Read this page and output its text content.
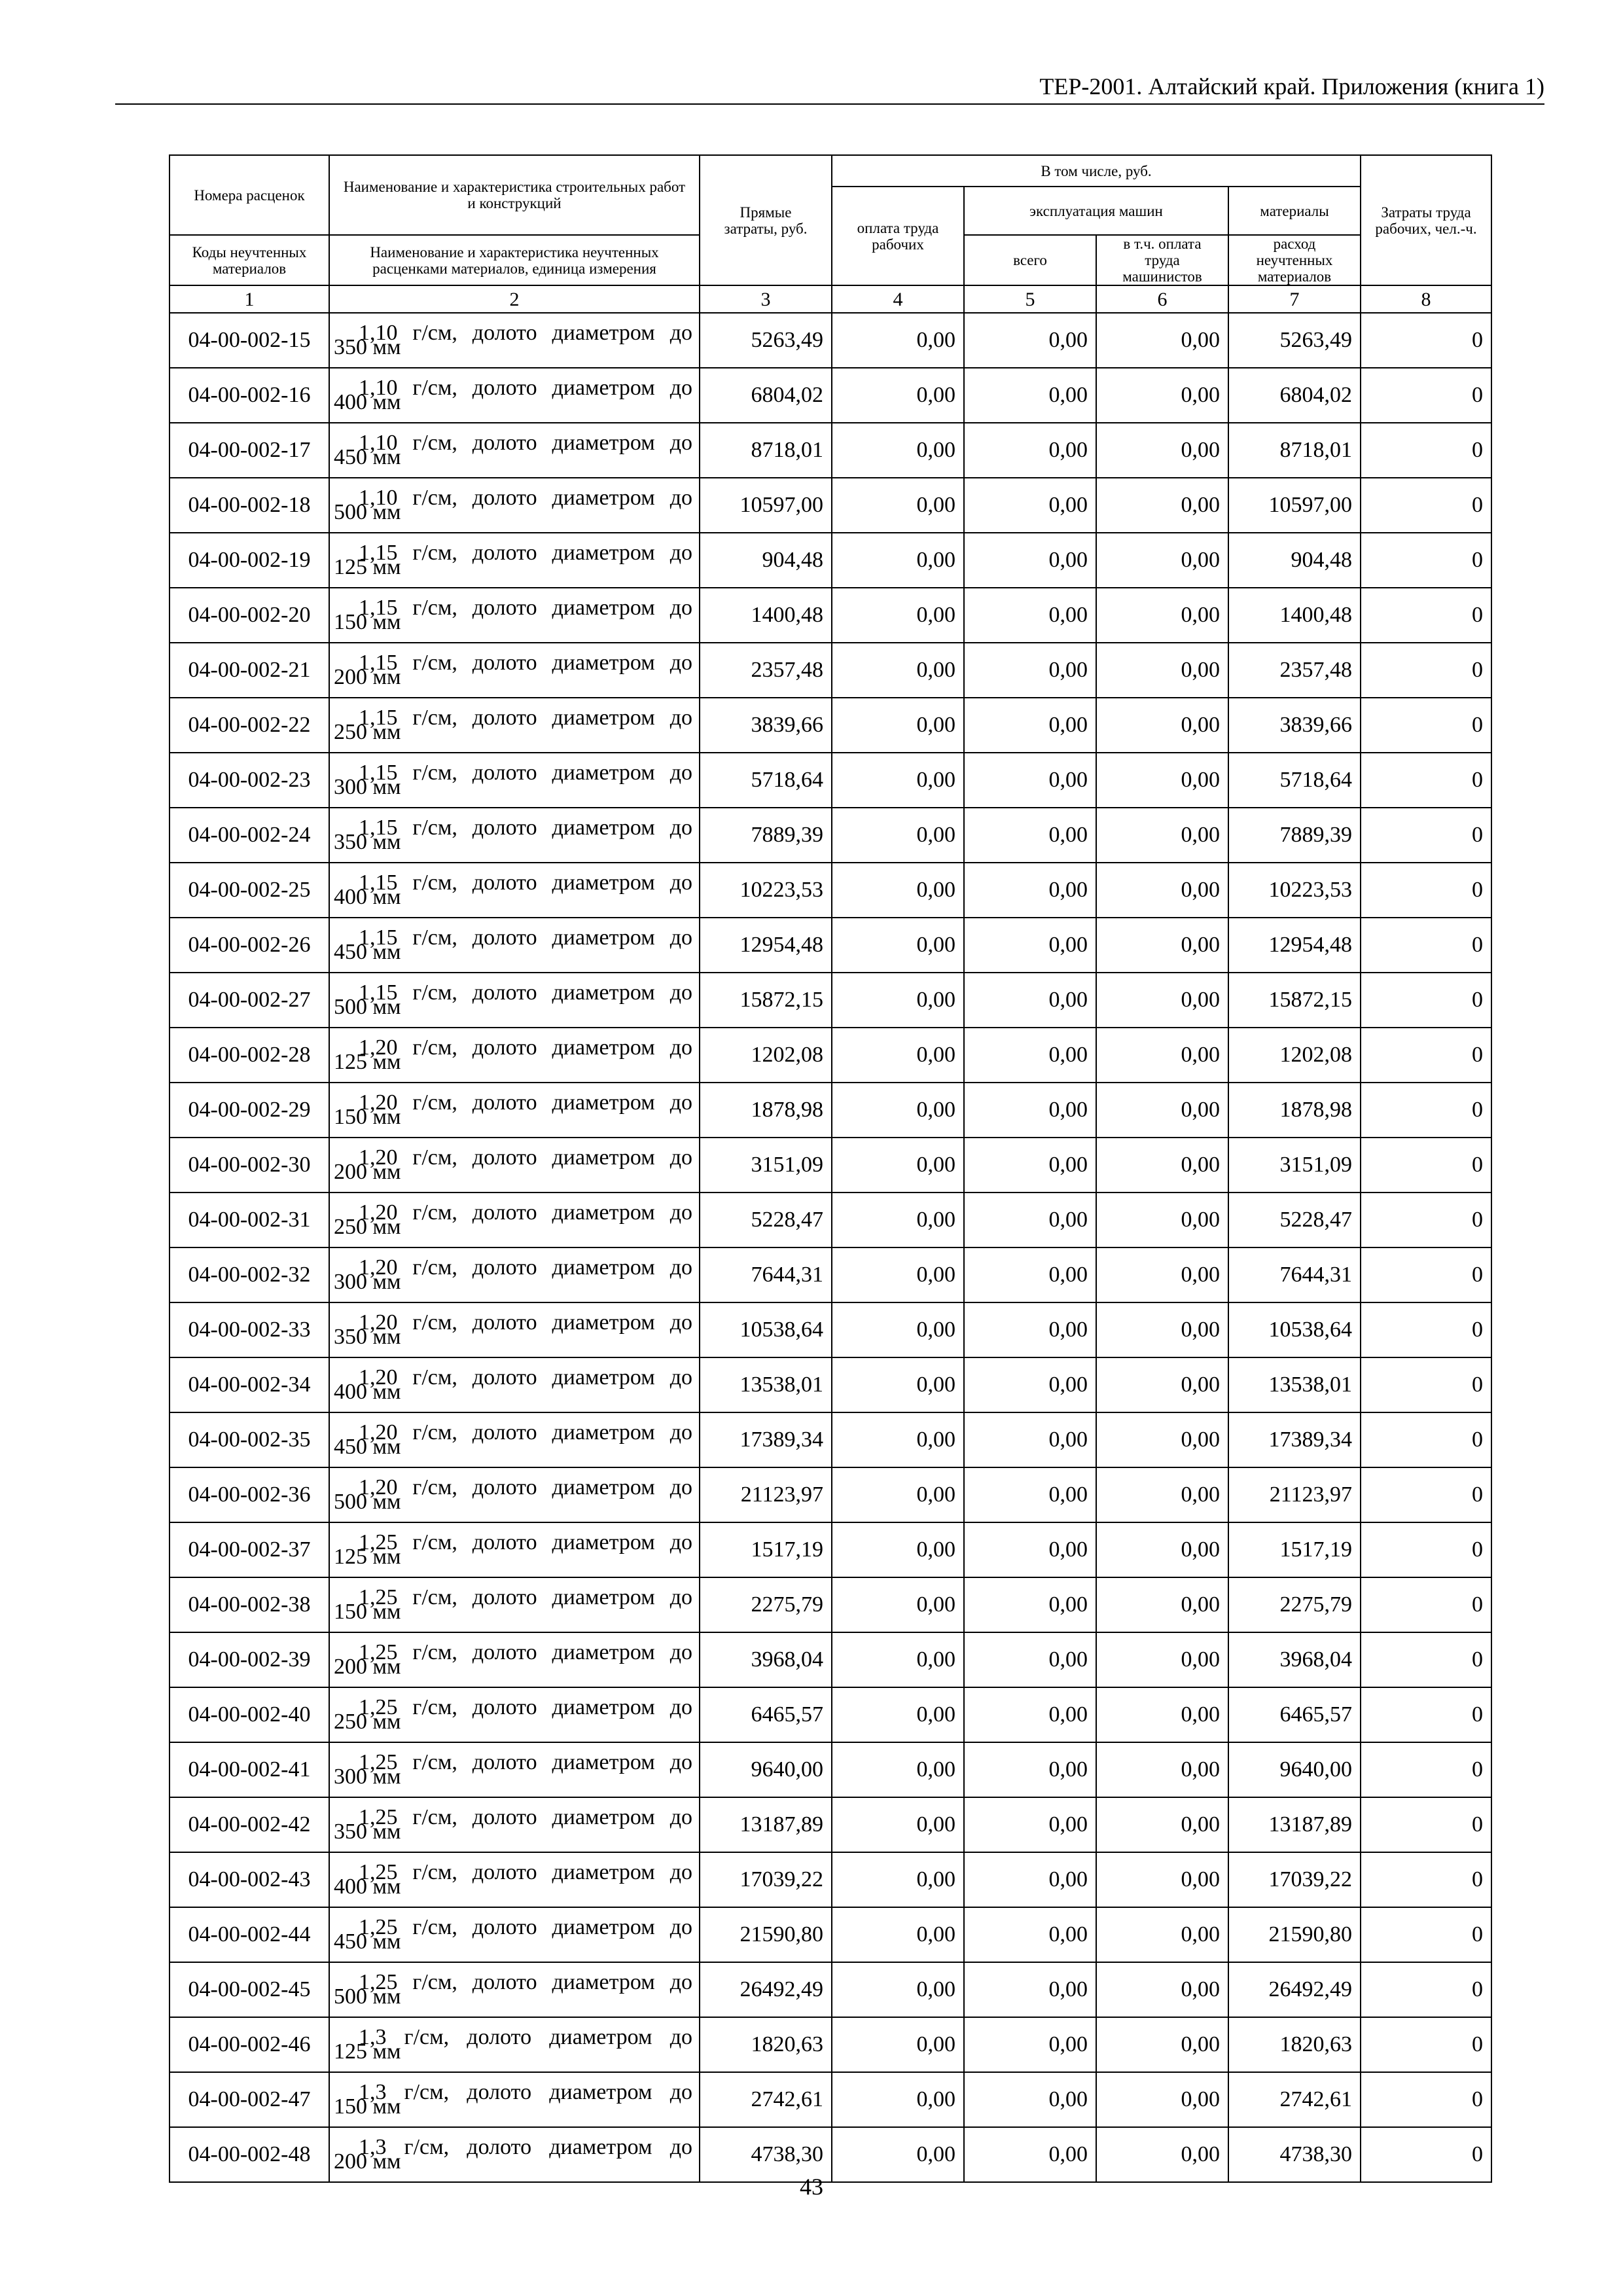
ТЕР-2001. Алтайский край. Приложения (книга 1)
Номера расценок	Наименование и характеристика строительных работ и конструкций	Прямые затраты, руб.	В том числе, руб.				Затраты труда рабочих, чел.-ч.
			оплата труда рабочих	эксплуатация машин		материалы	
Коды неучтенных материалов	Наименование и характеристика неучтенных расценками материалов, единица измерения			всего	в т.ч. оплата труда машинистов	расход неучтенных материалов	
1	2	3	4	5	6	7	8
04-00-002-15	1,10 г/см, долото диаметром до
350 мм	5263,49	0,00	0,00	0,00	5263,49	0
04-00-002-16	1,10 г/см, долото диаметром до
400 мм	6804,02	0,00	0,00	0,00	6804,02	0
04-00-002-17	1,10 г/см, долото диаметром до
450 мм	8718,01	0,00	0,00	0,00	8718,01	0
04-00-002-18	1,10 г/см, долото диаметром до
500 мм	10597,00	0,00	0,00	0,00	10597,00	0
04-00-002-19	1,15 г/см, долото диаметром до
125 мм	904,48	0,00	0,00	0,00	904,48	0
04-00-002-20	1,15 г/см, долото диаметром до
150 мм	1400,48	0,00	0,00	0,00	1400,48	0
04-00-002-21	1,15 г/см, долото диаметром до
200 мм	2357,48	0,00	0,00	0,00	2357,48	0
04-00-002-22	1,15 г/см, долото диаметром до
250 мм	3839,66	0,00	0,00	0,00	3839,66	0
04-00-002-23	1,15 г/см, долото диаметром до
300 мм	5718,64	0,00	0,00	0,00	5718,64	0
04-00-002-24	1,15 г/см, долото диаметром до
350 мм	7889,39	0,00	0,00	0,00	7889,39	0
04-00-002-25	1,15 г/см, долото диаметром до
400 мм	10223,53	0,00	0,00	0,00	10223,53	0
04-00-002-26	1,15 г/см, долото диаметром до
450 мм	12954,48	0,00	0,00	0,00	12954,48	0
04-00-002-27	1,15 г/см, долото диаметром до
500 мм	15872,15	0,00	0,00	0,00	15872,15	0
04-00-002-28	1,20 г/см, долото диаметром до
125 мм	1202,08	0,00	0,00	0,00	1202,08	0
04-00-002-29	1,20 г/см, долото диаметром до
150 мм	1878,98	0,00	0,00	0,00	1878,98	0
04-00-002-30	1,20 г/см, долото диаметром до
200 мм	3151,09	0,00	0,00	0,00	3151,09	0
04-00-002-31	1,20 г/см, долото диаметром до
250 мм	5228,47	0,00	0,00	0,00	5228,47	0
04-00-002-32	1,20 г/см, долото диаметром до
300 мм	7644,31	0,00	0,00	0,00	7644,31	0
04-00-002-33	1,20 г/см, долото диаметром до
350 мм	10538,64	0,00	0,00	0,00	10538,64	0
04-00-002-34	1,20 г/см, долото диаметром до
400 мм	13538,01	0,00	0,00	0,00	13538,01	0
04-00-002-35	1,20 г/см, долото диаметром до
450 мм	17389,34	0,00	0,00	0,00	17389,34	0
04-00-002-36	1,20 г/см, долото диаметром до
500 мм	21123,97	0,00	0,00	0,00	21123,97	0
04-00-002-37	1,25 г/см, долото диаметром до
125 мм	1517,19	0,00	0,00	0,00	1517,19	0
04-00-002-38	1,25 г/см, долото диаметром до
150 мм	2275,79	0,00	0,00	0,00	2275,79	0
04-00-002-39	1,25 г/см, долото диаметром до
200 мм	3968,04	0,00	0,00	0,00	3968,04	0
04-00-002-40	1,25 г/см, долото диаметром до
250 мм	6465,57	0,00	0,00	0,00	6465,57	0
04-00-002-41	1,25 г/см, долото диаметром до
300 мм	9640,00	0,00	0,00	0,00	9640,00	0
04-00-002-42	1,25 г/см, долото диаметром до
350 мм	13187,89	0,00	0,00	0,00	13187,89	0
04-00-002-43	1,25 г/см, долото диаметром до
400 мм	17039,22	0,00	0,00	0,00	17039,22	0
04-00-002-44	1,25 г/см, долото диаметром до
450 мм	21590,80	0,00	0,00	0,00	21590,80	0
04-00-002-45	1,25 г/см, долото диаметром до
500 мм	26492,49	0,00	0,00	0,00	26492,49	0
04-00-002-46	1,3 г/см, долото диаметром до
125 мм	1820,63	0,00	0,00	0,00	1820,63	0
04-00-002-47	1,3 г/см, долото диаметром до
150 мм	2742,61	0,00	0,00	0,00	2742,61	0
04-00-002-48	1,3 г/см, долото диаметром до
200 мм	4738,30	0,00	0,00	0,00	4738,30	0
43
